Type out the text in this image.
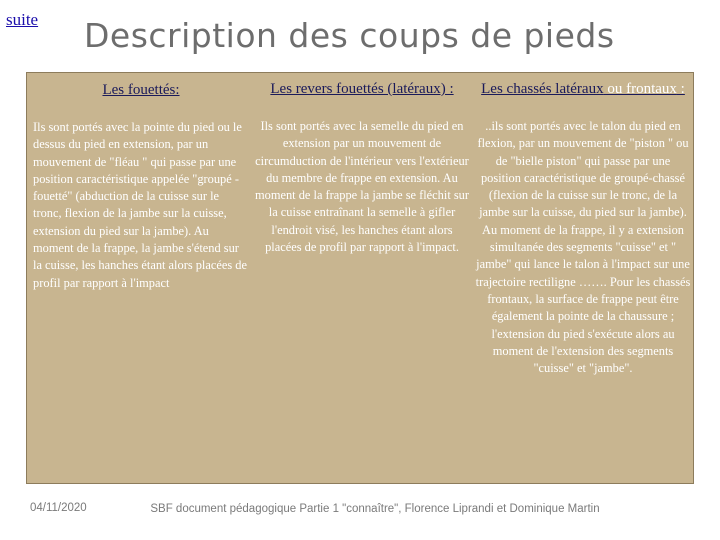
suite Description des coups de pieds
Les fouettés:
Ils sont portés avec la pointe du pied ou le dessus du pied en extension, par un mouvement de "fléau " qui passe par une position caractéristique appelée "groupé - fouetté" (abduction de la cuisse sur le tronc, flexion de la jambe sur la cuisse, extension du pied sur la jambe). Au moment de la frappe, la jambe s'étend sur la cuisse, les hanches étant alors placées de profil par rapport à l'impact
Les revers fouettés (latéraux) :
Ils sont portés avec la semelle du pied en extension par un mouvement de circumduction de l'intérieur vers l'extérieur du membre de frappe en extension. Au moment de la frappe la jambe se fléchit sur la cuisse entraînant la semelle à gifler l'endroit visé, les hanches étant alors placées de profil par rapport à l'impact.
Les chassés latéraux ou frontaux :
..ils sont portés avec le talon du pied en flexion, par un mouvement de "piston " ou de "bielle piston" qui passe par une position caractéristique de groupé-chassé (flexion de la cuisse sur le tronc, de la jambe sur la cuisse, du pied sur la jambe). Au moment de la frappe, il y a extension simultanée des segments "cuisse" et " jambe" qui lance le talon à l'impact sur une trajectoire rectiligne ……. Pour les chassés frontaux, la surface de frappe peut être également la pointe de la chaussure ; l'extension du pied s'exécute alors au moment de l'extension des segments "cuisse" et "jambe".
04/11/2020	SBF document pédagogique Partie 1 "connaître", Florence Liprandi et Dominique Martin
